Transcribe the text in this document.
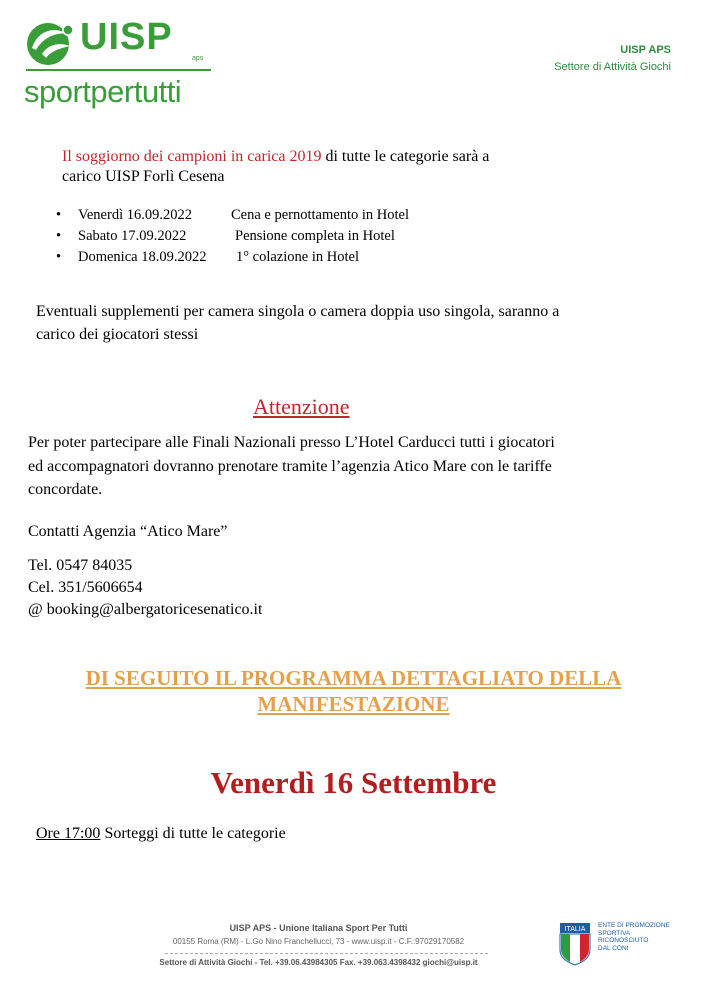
UISP
aps
sportpertutti
UISP APS
Settore di Attività Giochi
Il soggiorno dei campioni in carica 2019 di tutte le categorie sarà a
carico UISP Forlì Cesena
• Venerdì 16.09.2022	Cena e pernottamento in Hotel
• Sabato 17.09.2022	Pensione completa in Hotel
• Domenica 18.09.2022 1° colazione in Hotel
Eventuali supplementi per camera singola o camera doppia uso singola, saranno a
carico dei giocatori stessi
Attenzione
Per poter partecipare alle Finali Nazionali presso L’Hotel Carducci tutti i giocatori
ed accompagnatori dovranno prenotare tramite l’agenzia Atico Mare con le tariffe
concordate.
Contatti Agenzia “Atico Mare”
Tel. 0547 84035
Cel. 351/5606654
@ booking@albergatoricesenatico.it
DI SEGUITO IL PROGRAMMA DETTAGLIATO DELLA
MANIFESTAZIONE
Venerdì 16 Settembre
Ore 17:00 Sorteggi di tutte le categorie
UISP APS - Unione Italiana Sport Per Tutti
00155 Roma (RM) - L.Go Nino Franchellucci, 73 - www.uisp.it - C.F.:97029170582
Settore di Attività Giochi - Tel. +39.06.43984305 Fax. +39.063.4398432 giochi@uisp.it
ITALIA
ENTE DI PROMOZIONE
SPORTIVA
RICONOSCIUTO
DAL CONI
